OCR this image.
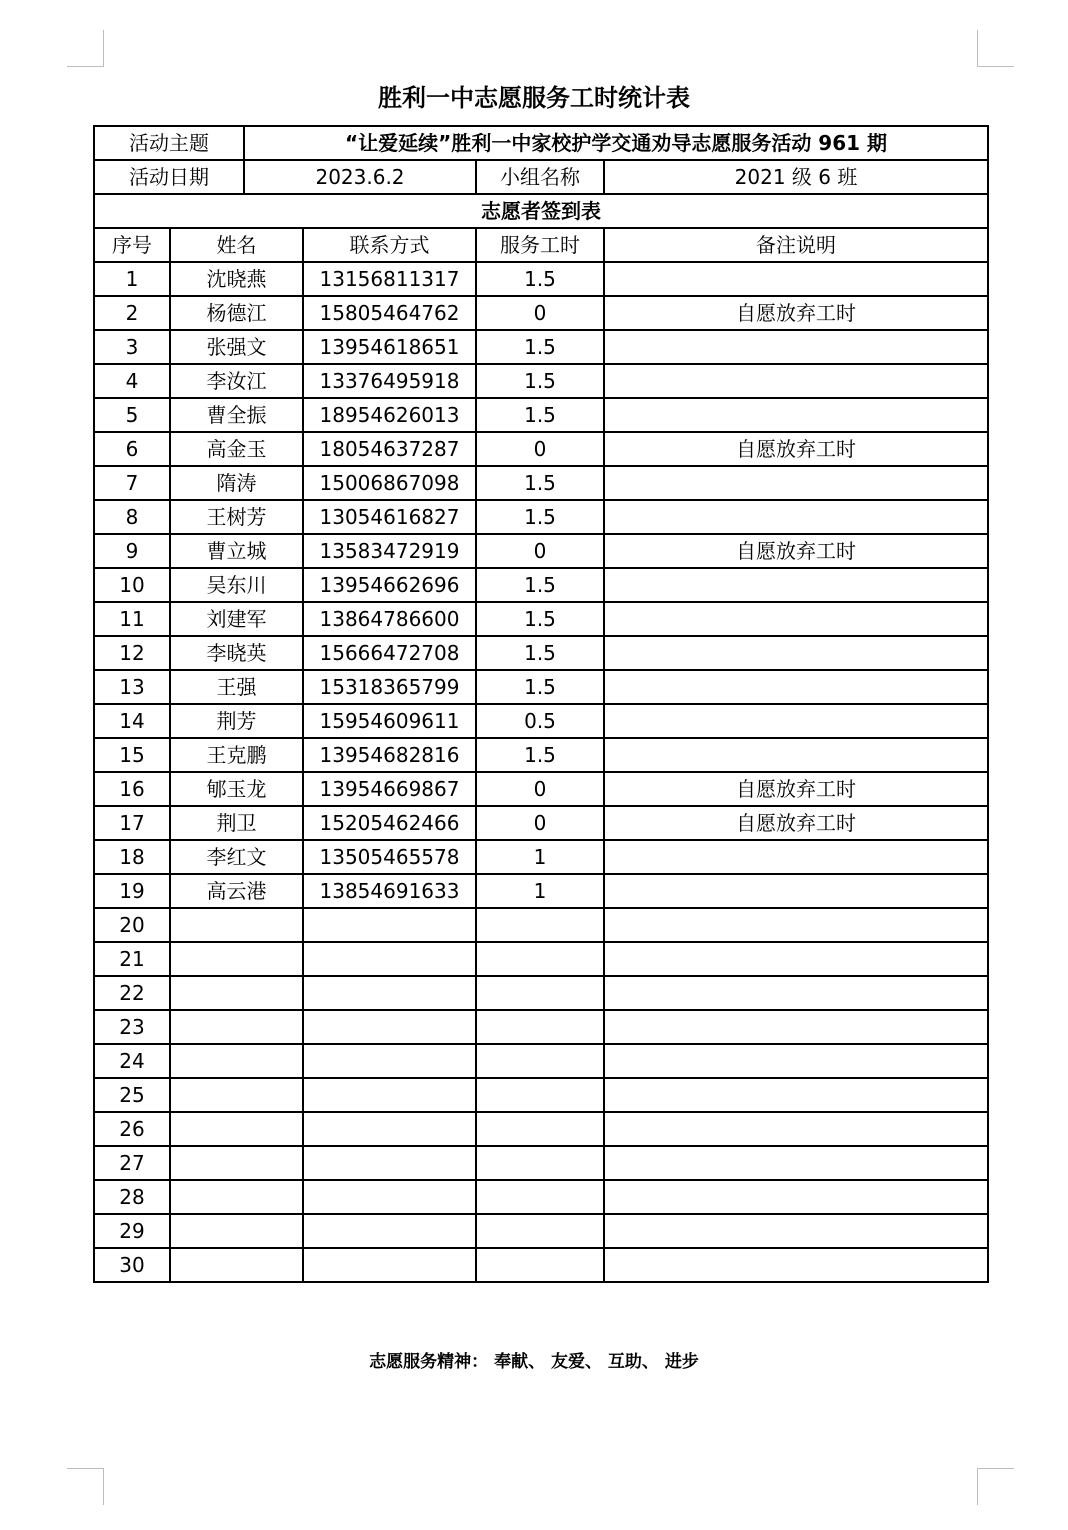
胜利一中志愿服务工时统计表
活动主题		“让爱延续”胜利一中家校护学交通劝导志愿服务活动 961 期			
活动日期		2023.6.2		小组名称	2021 级 6 班
志愿者签到表					
序号	姓名		联系方式	服务工时	备注说明
1	沈晓燕		13156811317	1.5	
2	杨德江		15805464762	0	自愿放弃工时
3	张强文		13954618651	1.5	
4	李汝江		13376495918	1.5	
5	曹全振		18954626013	1.5	
6	高金玉		18054637287	0	自愿放弃工时
7	隋涛		15006867098	1.5	
8	王树芳		13054616827	1.5	
9	曹立城		13583472919	0	自愿放弃工时
10	吴东川		13954662696	1.5	
11	刘建军		13864786600	1.5	
12	李晓英		15666472708	1.5	
13	王强		15318365799	1.5	
14	荆芳		15954609611	0.5	
15	王克鹏		13954682816	1.5	
16	郇玉龙		13954669867	0	自愿放弃工时
17	荆卫		15205462466	0	自愿放弃工时
18	李红文		13505465578	1	
19	高云港		13854691633	1	
20					
21					
22					
23					
24					
25					
26					
27					
28					
29					
30					
志愿服务精神： 奉献、 友爱、 互助、 进步
